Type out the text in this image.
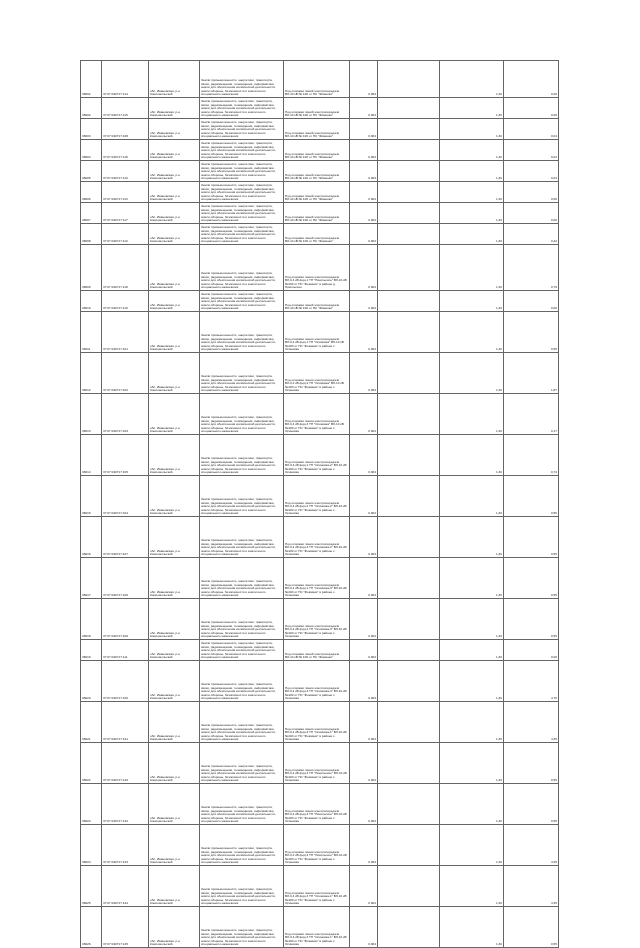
38002	37:07:040717:114	обл. Ивановская, р-н Комсомольский	Земли промышленности, энергетики, транспорта, связи, радиовещания, телевидения, информатики, земли для обеспечения космической деятельности, земли обороны, безопасности и земли иного специального назначения	Под опорами линий электропередачи ВЛ-10 кВ № 100 от ПС "Фоминки"	0,004		1,30	0,06
38002	37:07:040717:115	обл. Ивановская, р-н Комсомольский	Земли промышленности, энергетики, транспорта, связи, радиовещания, телевидения, информатики, земли для обеспечения космической деятельности, земли обороны, безопасности и земли иного специального назначения	Под опорами линий электропередачи ВЛ-10 кВ № 100 от ПС "Фоминки"	0,004		1,30	0,06
38003	37:07:040717:108	обл. Ивановская, р-н Комсомольский	Земли промышленности, энергетики, транспорта, связи, радиовещания, телевидения, информатики, земли для обеспечения космической деятельности, земли обороны, безопасности и земли иного специального назначения	Под опорами линий электропередачи ВЛ-10 кВ № 100 от ПС "Фоминки"	0,004		1,30	0,04
38004	37:07:040717:116	обл. Ивановская, р-н Комсомольский	Земли промышленности, энергетики, транспорта, связи, радиовещания, телевидения, информатики, земли для обеспечения космической деятельности, земли обороны, безопасности и земли иного специального назначения	Под опорами линий электропередачи ВЛ-10 кВ № 100 от ПС "Фоминки"	0,004		1,30	0,04
38005	37:07:040717:110	обл. Ивановская, р-н Комсомольский	Земли промышленности, энергетики, транспорта, связи, радиовещания, телевидения, информатики, земли для обеспечения космической деятельности, земли обороны, безопасности и земли иного специального назначения	Под опорами линий электропередачи ВЛ-10 кВ № 100 от ПС "Фоминки"	0,004		1,30	0,04
38006	37:07:040717:113	обл. Ивановская, р-н Комсомольский	Земли промышленности, энергетики, транспорта, связи, радиовещания, телевидения, информатики, земли для обеспечения космической деятельности, земли обороны, безопасности и земли иного специального назначения	Под опорами линий электропередачи ВЛ-10 кВ № 100 от ПС "Фоминки"	0,004		1,30	0,06
38007	37:07:040717:117	обл. Ивановская, р-н Комсомольский	Земли промышленности, энергетики, транспорта, связи, радиовещания, телевидения, информатики, земли для обеспечения космической деятельности, земли обороны, безопасности и земли иного специального назначения	Под опорами линий электропередачи ВЛ-10 кВ № 100 от ПС "Фоминки"	0,004		1,30	0,06
38008	37:07:040717:112	обл. Ивановская, р-н Комсомольский	Земли промышленности, энергетики, транспорта, связи, радиовещания, телевидения, информатики, земли для обеспечения космической деятельности, земли обороны, безопасности и земли иного специального назначения	Под опорами линий электропередачи ВЛ-10 кВ № 100 от ПС "Фоминки"	0,004		1,30	0,42
38009	37:07:040717:118	обл. Ивановская, р-н Комсомольский	Земли промышленности, энергетики, транспорта, связи, радиовещания, телевидения, информатики, земли для обеспечения космической деятельности, земли обороны, безопасности и земли иного специального назначения	Под опорами линии электропередачи ВЛ-0,4 кВ фид.1 ТП "Никольское" ВЛ-10 кВ №100 от ПС "Фоминки" в районе д. Никольское	0,004		1,30	0,79
38010	37:07:040717:119	обл. Ивановская, р-н Комсомольский	Земли промышленности, энергетики, транспорта, связи, радиовещания, телевидения, информатики, земли для обеспечения космической деятельности, земли обороны, безопасности и земли иного специального назначения	Под опорами линий электропередачи ВЛ-10 кВ № 100 от ПС "Фоминки"	0,004		1,30	0,06
38011	37:07:040717:101	обл. Ивановская, р-н Комсомольский	Земли промышленности, энергетики, транспорта, связи, радиовещания, телевидения, информатики, земли для обеспечения космической деятельности, земли обороны, безопасности и земли иного специального назначения	Под опорами линии электропередачи ВЛ-0,4 кВ фид.1 ТП "Осиновка" ВЛ-10 кВ №100 от ПС "Фоминки" в районе с. Осиновка	0,004		1,30	0,55
38012	37:07:040717:102	обл. Ивановская, р-н Комсомольский	Земли промышленности, энергетики, транспорта, связи, радиовещания, телевидения, информатики, земли для обеспечения космической деятельности, земли обороны, безопасности и земли иного специального назначения	Под опорами линии электропередачи ВЛ-0,4 кВ фид.2 ТП "Осиновка" ВЛ-10 кВ №100 от ПС "Фоминки" в районе с. Осиновка	0,004		1,30	1,87
38013	37:07:040717:103	обл. Ивановская, р-н Комсомольский	Земли промышленности, энергетики, транспорта, связи, радиовещания, телевидения, информатики, земли для обеспечения космической деятельности, земли обороны, безопасности и земли иного специального назначения	Под опорами линии электропередачи ВЛ-0,4 кВ фид.3 ТП "Осиновка" ВЛ-10 кВ №100 от ПС "Фоминки" в районе с. Осиновка	0,004		1,30	0,17
38014	37:07:040717:105	обл. Ивановская, р-н Комсомольский	Земли промышленности, энергетики, транспорта, связи, радиовещания, телевидения, информатики, земли для обеспечения космической деятельности, земли обороны, безопасности и земли иного специального назначения	Под опорами линии электропередачи ВЛ-0,4 кВ фид.1 ТП "Осиновка-2" ВЛ-10 кВ №100 от ПС "Фоминки" в районе с. Осиновка	0,004		1,30	0,74
38015	37:07:040717:104	обл. Ивановская, р-н Комсомольский	Земли промышленности, энергетики, транспорта, связи, радиовещания, телевидения, информатики, земли для обеспечения космической деятельности, земли обороны, безопасности и земли иного специального назначения	Под опорами линии электропередачи ВЛ-0,4 кВ фид.2 ТП "Осиновка-2" ВЛ-10 кВ №100 от ПС "Фоминки" в районе с. Осиновка	0,004		1,30	0,55
38016	37:07:040717:107	обл. Ивановская, р-н Комсомольский	Земли промышленности, энергетики, транспорта, связи, радиовещания, телевидения, информатики, земли для обеспечения космической деятельности, земли обороны, безопасности и земли иного специального назначения	Под опорами линии электропередачи ВЛ-0,4 кВ фид.3 ТП "Осиновка-2" ВЛ-10 кВ №100 от ПС "Фоминки" в районе с. Осиновка	0,004		1,30	0,55
38017	37:07:040717:106	обл. Ивановская, р-н Комсомольский	Земли промышленности, энергетики, транспорта, связи, радиовещания, телевидения, информатики, земли для обеспечения космической деятельности, земли обороны, безопасности и земли иного специального назначения	Под опорами линии электропередачи ВЛ-0,4 кВ фид.1 ТП "Осиновка-3" ВЛ-10 кВ №100 от ПС "Фоминки" в районе с. Осиновка	0,004		1,30	0,55
38018	37:07:040717:109	обл. Ивановская, р-н Комсомольский	Земли промышленности, энергетики, транспорта, связи, радиовещания, телевидения, информатики, земли для обеспечения космической деятельности, земли обороны, безопасности и земли иного специального назначения	Под опорами линии электропередачи ВЛ-0,4 кВ фид.2 ТП "Осиновка-3" ВЛ-10 кВ №100 от ПС "Фоминки" в районе с. Осиновка	0,004		1,30	0,55
38019	37:07:040717:111	обл. Ивановская, р-н Комсомольский	Земли промышленности, энергетики, транспорта, связи, радиовещания, телевидения, информатики, земли для обеспечения космической деятельности, земли обороны, безопасности и земли иного специального назначения	Под опорами линий электропередачи ВЛ-10 кВ № 100 от ПС "Фоминки"	0,004		1,30	0,06
38020	37:07:040717:100	обл. Ивановская, р-н Комсомольский	Земли промышленности, энергетики, транспорта, связи, радиовещания, телевидения, информатики, земли для обеспечения космической деятельности, земли обороны, безопасности и земли иного специального назначения	Под опорами линии электропередачи ВЛ-0,4 кВ фид.3 ТП "Осиновка-3" ВЛ-10 кВ №100 от ПС "Фоминки" в районе с. Осиновка	0,004		1,30	4,70
38021	37:07:040717:121	обл. Ивановская, р-н Комсомольский	Земли промышленности, энергетики, транспорта, связи, радиовещания, телевидения, информатики, земли для обеспечения космической деятельности, земли обороны, безопасности и земли иного специального назначения	Под опорами линии электропередачи ВЛ-0,4 кВ фид.3 ТП "Осиновка-1" ВЛ-10 кВ №100 от ПС "Фоминки" в районе с. Осиновка	0,004		1,30	4,35
38022	37:07:040717:120	обл. Ивановская, р-н Комсомольский	Земли промышленности, энергетики, транспорта, связи, радиовещания, телевидения, информатики, земли для обеспечения космической деятельности, земли обороны, безопасности и земли иного специального назначения	Под опорами линии электропередачи ВЛ-0,4 кВ фид.3 ТП "Никольское" ВЛ-10 кВ №100 от ПС "Фоминки" в районе с. Осиновка	0,004		1,30	0,55
38023	37:07:040717:122	обл. Ивановская, р-н Комсомольский	Земли промышленности, энергетики, транспорта, связи, радиовещания, телевидения, информатики, земли для обеспечения космической деятельности, земли обороны, безопасности и земли иного специального назначения	Под опорами линии электропередачи ВЛ-0,4 кВ фид.3 ТП "Никольское" ВЛ-10 кВ №100 от ПС "Фоминки" в районе с. Осиновка	0,004		1,30	0,55
38024	37:07:040717:123	обл. Ивановская, р-н Комсомольский	Земли промышленности, энергетики, транспорта, связи, радиовещания, телевидения, информатики, земли для обеспечения космической деятельности, земли обороны, безопасности и земли иного специального назначения	Под опорами линии электропередачи ВЛ-0,4 кВ фид.3 ТП "Никольское" ВЛ-10 кВ №100 от ПС "Фоминки" в районе с. Осиновка	0,004		1,30	4,35
38025	37:07:040717:124	обл. Ивановская, р-н Комсомольский	Земли промышленности, энергетики, транспорта, связи, радиовещания, телевидения, информатики, земли для обеспечения космической деятельности, земли обороны, безопасности и земли иного специального назначения	Под опорами линии электропередачи ВЛ-0,4 кВ фид.3 ТП "Осиновка-1" ВЛ-10 кВ №100 от ПС "Фоминки" в районе с. Осиновка	0,004		1,30	4,35
38026	37:07:040717:125	обл. Ивановская, р-н Комсомольский	Земли промышленности, энергетики, транспорта, связи, радиовещания, телевидения, информатики, земли для обеспечения космической деятельности, земли обороны, безопасности и земли иного специального назначения	Под опорами линии электропередачи ВЛ-0,4 кВ фид.3 ТП "Осиновка-1" ВЛ-10 кВ №100 от ПС "Фоминки" в районе с. Осиновка	0,004		1,30	0,55
